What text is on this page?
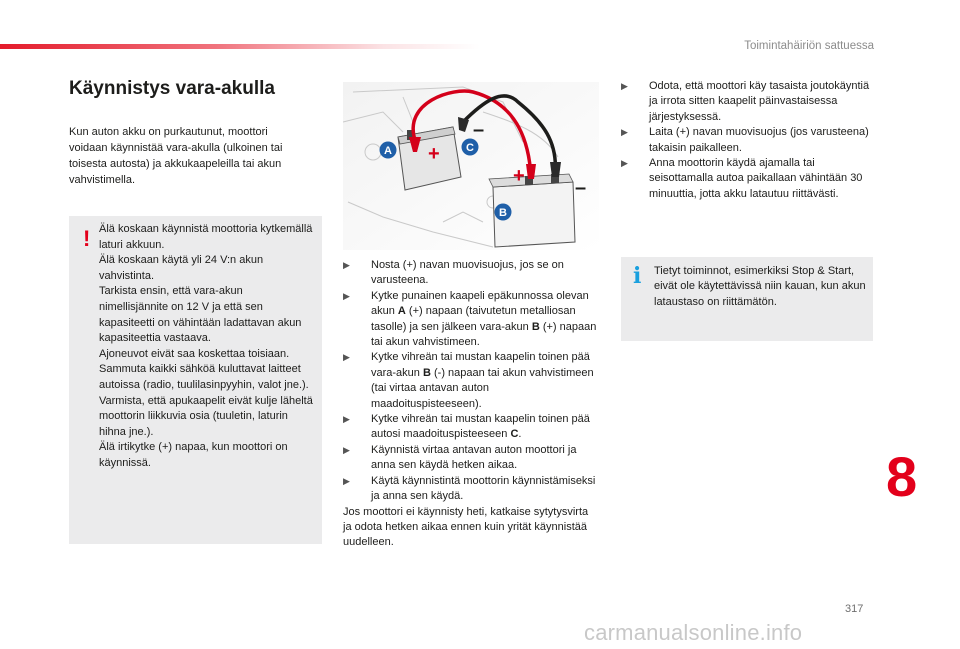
Toimintahäiriön sattuessa
Käynnistys vara-akulla

Kun auton akku on purkautunut, moottori voidaan käynnistää vara-akulla (ulkoinen tai toisesta autosta) ja akkukaapeleilla tai akun vahvistimella.

! Älä koskaan käynnistä moottoria kytkemällä laturi akkuun.

Älä koskaan käytä yli 24 V:n akun vahvistinta.

Tarkista ensin, että vara-akun nimellisjännite on 12 V ja että sen kapasiteetti on vähintään ladattavan akun kapasiteettia vastaava.

Ajoneuvot eivät saa koskettaa toisiaan.

Sammuta kaikki sähköä kuluttavat laitteet autoissa (radio, tuulilasinpyyhin, valot jne.).

Varmista, että apukaapelit eivät kulje läheltä moottorin liikkuvia osia (tuuletin, laturin hihna jne.).

Älä irtikytke (+) napaa, kun moottori on käynnissä.

+
–
+
–
A	C
B
▶ Nosta (+) navan muovisuojus, jos se on varusteena.
▶ Kytke punainen kaapeli epäkunnossa olevan akun A (+) napaan (taivutetun metalliosan tasolle) ja sen jälkeen vara-akun B (+) napaan tai akun vahvistimeen.
▶ Kytke vihreän tai mustan kaapelin toinen pää vara-akun B (-) napaan tai akun vahvistimeen (tai virtaa antavan auton maadoituspisteeseen).
▶ Kytke vihreän tai mustan kaapelin toinen pää autosi maadoituspisteeseen C.
▶ Käynnistä virtaa antavan auton moottori ja anna sen käydä hetken aikaa.
▶ Käytä käynnistintä moottorin käynnistämiseksi ja anna sen käydä.

Jos moottori ei käynnisty heti, katkaise sytytysvirta ja odota hetken aikaa ennen kuin yrität käynnistää uudelleen.

▶ Odota, että moottori käy tasaista joutokäyntiä ja irrota sitten kaapelit päinvastaisessa järjestyksessä.
▶ Laita (+) navan muovisuojus (jos varusteena) takaisin paikalleen.
▶ Anna moottorin käydä ajamalla tai seisottamalla autoa paikallaan vähintään 30 minuuttia, jotta akku latautuu riittävästi.
i Tietyt toiminnot, esimerkiksi Stop & Start, eivät ole käytettävissä niin kauan, kun akun lataustaso on riittämätön.

8
317
carmanualsonline.info
